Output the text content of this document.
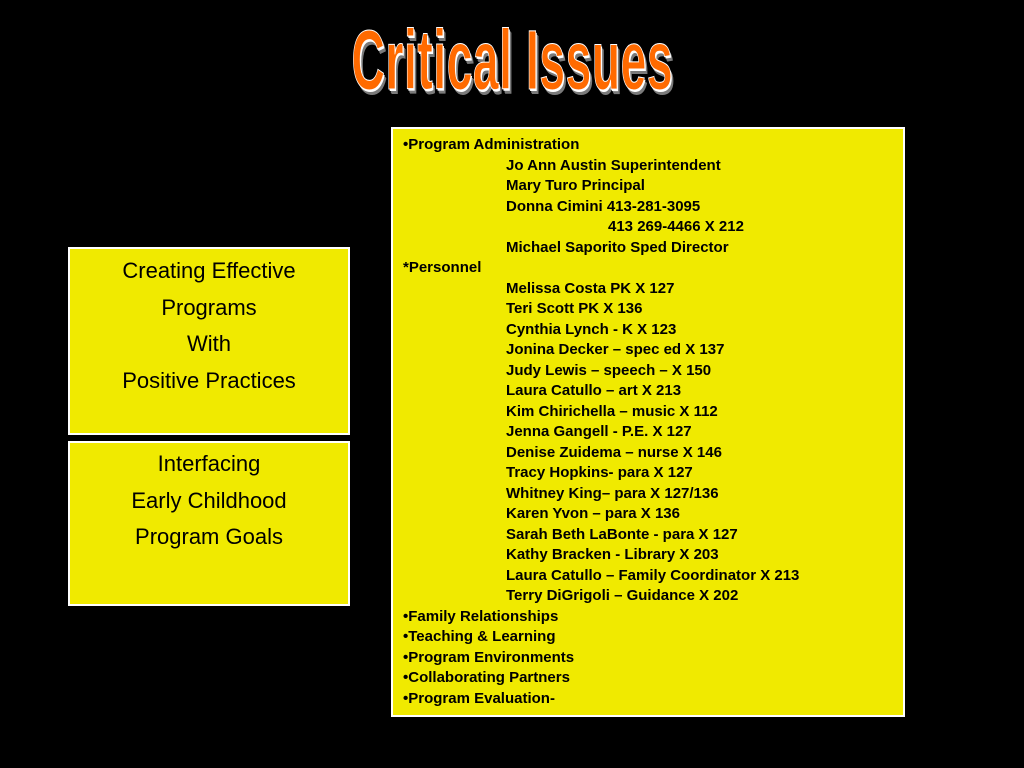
Critical Issues
Creating Effective
Programs
With
Positive Practices
Interfacing
Early Childhood
Program Goals
•Program Administration
Jo Ann Austin Superintendent
Mary Turo Principal
Donna Cimini 413-281-3095
413 269-4466 X 212
Michael Saporito Sped Director
*Personnel
Melissa Costa PK X 127
Teri Scott PK X 136
Cynthia Lynch - K X 123
Jonina Decker – spec ed X 137
Judy Lewis – speech – X 150
Laura Catullo – art X 213
Kim Chirichella – music X 112
Jenna Gangell - P.E. X 127
Denise Zuidema – nurse X 146
Tracy Hopkins- para X 127
Whitney King– para X 127/136
Karen Yvon – para X 136
Sarah Beth LaBonte - para X 127
Kathy Bracken - Library X 203
Laura Catullo – Family Coordinator X 213
Terry DiGrigoli – Guidance X 202
•Family Relationships
•Teaching & Learning
•Program Environments
•Collaborating Partners
•Program Evaluation-
